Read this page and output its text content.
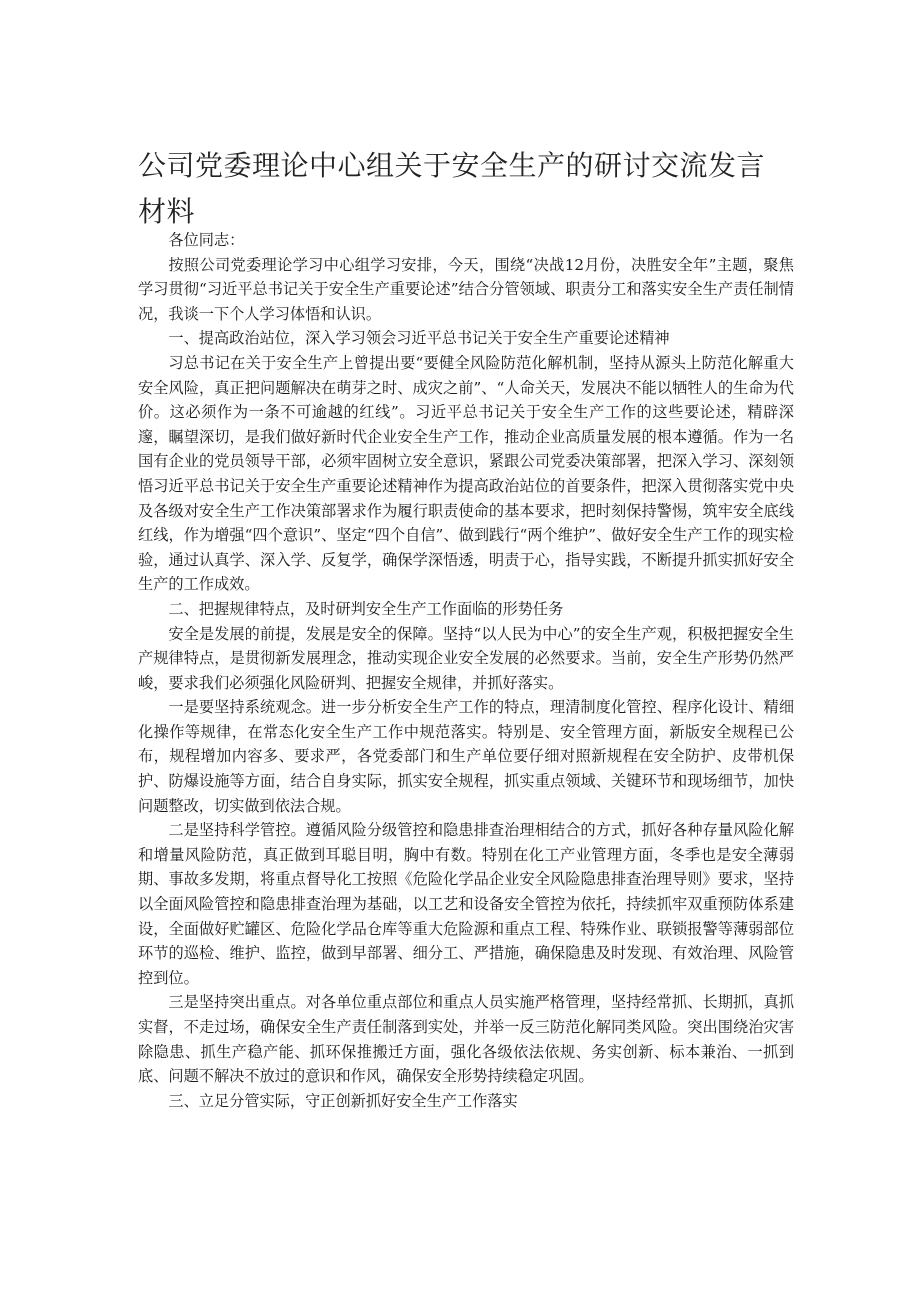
公司党委理论中心组关于安全生产的研讨交流发言
材料

各位同志：

按照公司党委理论学习中心组学习安排，今天，围绕“决战12月份，决胜安全年”主题，聚焦学习贯彻“习近平总书记关于安全生产重要论述”结合分管领域、职责分工和落实安全生产责任制情况，我谈一下个人学习体悟和认识。

一、提高政治站位，深入学习领会习近平总书记关于安全生产重要论述精神

习总书记在关于安全生产上曾提出要“要健全风险防范化解机制，坚持从源头上防范化解重大安全风险，真正把问题解决在萌芽之时、成灾之前”、“人命关天，发展决不能以牺牲人的生命为代价。这必须作为一条不可逾越的红线”。习近平总书记关于安全生产工作的这些要论述，精辟深邃，瞩望深切，是我们做好新时代企业安全生产工作，推动企业高质量发展的根本遵循。作为一名国有企业的党员领导干部，必须牢固树立安全意识，紧跟公司党委决策部署，把深入学习、深刻领悟习近平总书记关于安全生产重要论述精神作为提高政治站位的首要条件，把深入贯彻落实党中央及各级对安全生产工作决策部署求作为履行职责使命的基本要求，把时刻保持警惕，筑牢安全底线红线，作为增强“四个意识”、坚定“四个自信”、做到践行“两个维护”、做好安全生产工作的现实检验，通过认真学、深入学、反复学，确保学深悟透，明责于心，指导实践，不断提升抓实抓好安全生产的工作成效。

二、把握规律特点，及时研判安全生产工作面临的形势任务

安全是发展的前提，发展是安全的保障。坚持“以人民为中心”的安全生产观，积极把握安全生产规律特点，是贯彻新发展理念，推动实现企业安全发展的必然要求。当前，安全生产形势仍然严峻，要求我们必须强化风险研判、把握安全规律，并抓好落实。

一是要坚持系统观念。进一步分析安全生产工作的特点，理清制度化管控、程序化设计、精细化操作等规律，在常态化安全生产工作中规范落实。特别是、安全管理方面，新版安全规程已公布，规程增加内容多、要求严，各党委部门和生产单位要仔细对照新规程在安全防护、皮带机保护、防爆设施等方面，结合自身实际，抓实安全规程，抓实重点领域、关键环节和现场细节，加快问题整改，切实做到依法合规。

二是坚持科学管控。遵循风险分级管控和隐患排查治理相结合的方式，抓好各种存量风险化解和增量风险防范，真正做到耳聪目明，胸中有数。特别在化工产业管理方面，冬季也是安全薄弱期、事故多发期，将重点督导化工按照《危险化学品企业安全风险隐患排查治理导则》要求，坚持以全面风险管控和隐患排查治理为基础，以工艺和设备安全管控为依托，持续抓牢双重预防体系建设，全面做好贮罐区、危险化学品仓库等重大危险源和重点工程、特殊作业、联锁报警等薄弱部位环节的巡检、维护、监控，做到早部署、细分工、严措施，确保隐患及时发现、有效治理、风险管控到位。

三是坚持突出重点。对各单位重点部位和重点人员实施严格管理，坚持经常抓、长期抓，真抓实督，不走过场，确保安全生产责任制落到实处，并举一反三防范化解同类风险。突出围绕治灾害除隐患、抓生产稳产能、抓环保推搬迁方面，强化各级依法依规、务实创新、标本兼治、一抓到底、问题不解决不放过的意识和作风，确保安全形势持续稳定巩固。

三、立足分管实际，守正创新抓好安全生产工作落实
